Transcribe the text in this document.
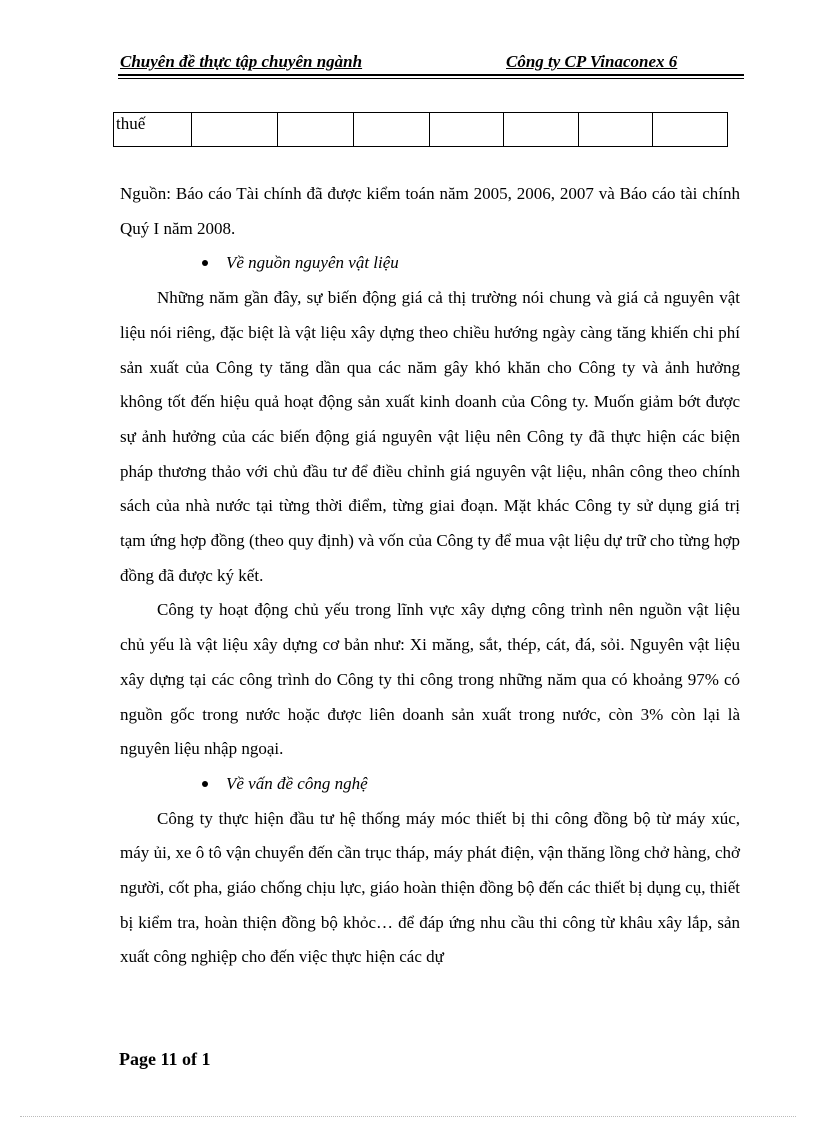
Chuyên đề thực tập chuyên ngành	Công ty CP Vinaconex 6
thuế							

Nguồn: Báo cáo Tài chính đã được kiểm toán năm 2005, 2006, 2007 và Báo cáo tài chính Quý I năm 2008.

Về nguồn nguyên vật liệu

Những năm gần đây, sự biến động giá cả thị trường nói chung và giá cả nguyên vật liệu nói riêng, đặc biệt là vật liệu xây dựng theo chiều hướng ngày càng tăng khiến chi phí sản xuất của Công ty tăng dần qua các năm gây khó khăn cho Công ty và ảnh hưởng không tốt đến hiệu quả hoạt động sản xuất kinh doanh của Công ty. Muốn giảm bớt được sự ảnh hưởng của các biến động giá nguyên vật liệu nên Công ty đã thực hiện các biện pháp thương thảo với chủ đầu tư để điều chỉnh giá nguyên vật liệu, nhân công theo chính sách của nhà nước tại từng thời điểm, từng giai đoạn. Mặt khác Công ty sử dụng giá trị tạm ứng hợp đồng (theo quy định) và vốn của Công ty để mua vật liệu dự trữ cho từng hợp đồng đã được ký kết.

Công ty hoạt động chủ yếu trong lĩnh vực xây dựng công trình nên nguồn vật liệu chủ yếu là vật liệu xây dựng cơ bản như: Xi măng, sắt, thép, cát, đá, sỏi. Nguyên vật liệu xây dựng tại các công trình do Công ty thi công trong những năm qua có khoảng 97% có nguồn gốc trong nước hoặc được liên doanh sản xuất trong nước, còn 3% còn lại là nguyên liệu nhập ngoại.

Về vấn đề công nghệ

Công ty thực hiện đầu tư hệ thống máy móc thiết bị thi công đồng bộ từ máy xúc, máy ủi, xe ô tô vận chuyển đến cần trục tháp, máy phát điện, vận thăng lồng chở hàng, chở người, cốt pha, giáo chống chịu lực, giáo hoàn thiện đồng bộ đến các thiết bị dụng cụ, thiết bị kiểm tra, hoàn thiện đồng bộ khỏc… để đáp ứng nhu cầu thi công từ khâu xây lắp, sản xuất công nghiệp cho đến việc thực hiện các dự

Page 11 of 1
